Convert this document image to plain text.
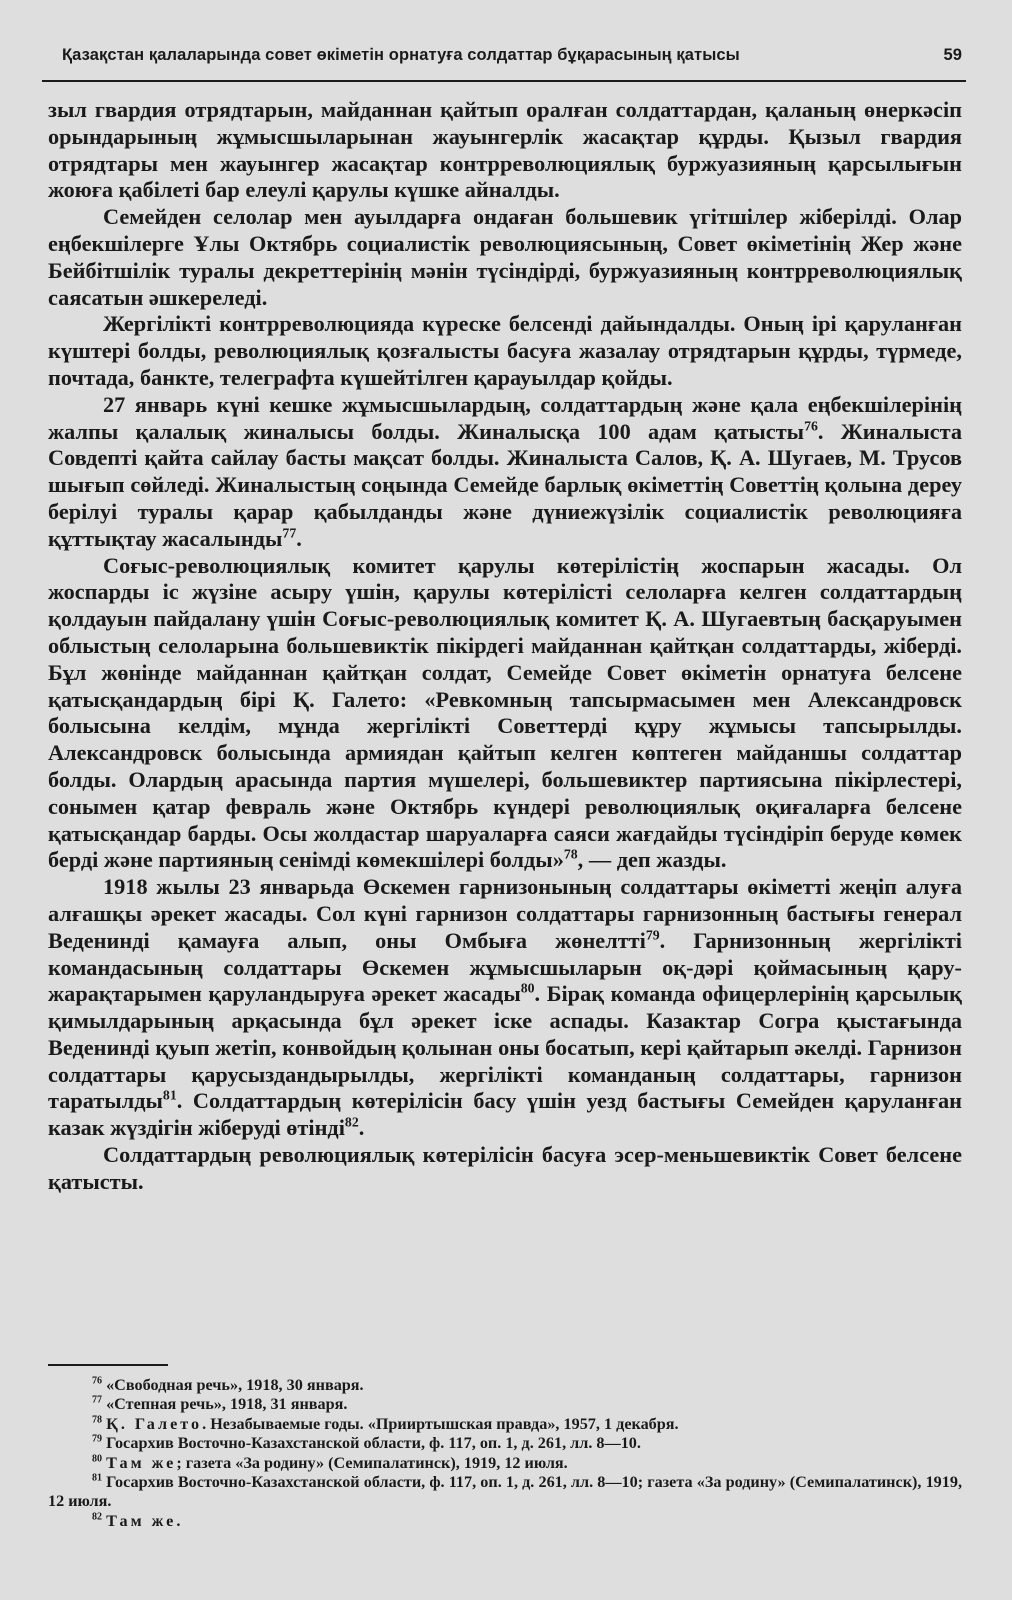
Қазақстан қалаларында совет өкіметін орнатуға солдаттар бұқарасының қатысы	59

зыл гвардия отрядтарын, майданнан қайтып оралған солдаттардан, қаланың өнеркәсіп орындарының жұмысшыларынан жауынгерлік жасақтар құрды. Қызыл гвардия отрядтары мен жауынгер жасақтар контрреволюциялық буржуазияның қарсылығын жоюға қабілеті бар елеулі қарулы күшке айналды.

Семейден селолар мен ауылдарға ондаған большевик үгітшілер жіберілді. Олар еңбекшілерге Ұлы Октябрь социалистік революциясының, Совет өкіметінің Жер және Бейбітшілік туралы декреттерінің мәнін түсіндірді, буржуазияның контрреволюциялық саясатын әшкереледі.

Жергілікті контрреволюцияда күреске белсенді дайындалды. Оның ірі қаруланған күштері болды, революциялық қозғалысты басуға жазалау отрядтарын құрды, түрмеде, почтада, банкте, телеграфта күшейтілген қарауылдар қойды.

27 январь күні кешке жұмысшылардың, солдаттардың және қала еңбекшілерінің жалпы қалалық жиналысы болды. Жиналысқа 100 адам қатысты$^{76}$. Жиналыста Совдепті қайта сайлау басты мақсат болды. Жиналыста Салов, Қ. А. Шугаев, М. Трусов шығып сөйледі. Жиналыстың соңында Семейде барлық өкіметтің Советтің қолына дереу берілуі туралы қарар қабылданды және дүниежүзілік социалистік революцияға құттықтау жасалынды$^{77}$.

Соғыс-революциялық комитет қарулы көтерілістің жоспарын жасады. Ол жоспарды іс жүзіне асыру үшін, қарулы көтерілісті селоларға келген солдаттардың қолдауын пайдалану үшін Соғыс-революциялық комитет Қ. А. Шугаевтың басқаруымен облыстың селоларына большевиктік пікірдегі майданнан қайтқан солдаттарды, жіберді. Бұл жөнінде майданнан қайтқан солдат, Семейде Совет өкіметін орнатуға белсене қатысқандардың бірі Қ. Галето: «Ревкомның тапсырмасымен мен Александровск болысына келдім, мұнда жергілікті Советтерді құру жұмысы тапсырылды. Александровск болысында армиядан қайтып келген көптеген майданшы солдаттар болды. Олардың арасында партия мүшелері, большевиктер партиясына пікірлестері, сонымен қатар февраль және Октябрь күндері революциялық оқиғаларға белсене қатысқандар барды. Осы жолдастар шаруаларға саяси жағдайды түсіндіріп беруде көмек берді және партияның сенімді көмекшілері болды»$^{78}$, — деп жазды.

1918 жылы 23 январьда Өскемен гарнизонының солдаттары өкіметті жеңіп алуға алғашқы әрекет жасады. Сол күні гарнизон солдаттары гарнизонның бастығы генерал Веденинді қамауға алып, оны Омбыға жөнелтті$^{79}$. Гарнизонның жергілікті командасының солдаттары Өскемен жұмысшыларын оқ-дәрі қоймасының қару-жарақтарымен қаруландыруға әрекет жасады$^{80}$. Бірақ команда офицерлерінің қарсылық қимылдарының арқасында бұл әрекет іске аспады. Казактар Согра қыстағында Веденинді қуып жетіп, конвойдың қолынан оны босатып, кері қайтарып әкелді. Гарнизон солдаттары қарусыздандырылды, жергілікті команданың солдаттары, гарнизон таратылды$^{81}$. Солдаттардың көтерілісін басу үшін уезд бастығы Семейден қаруланған казак жүздігін жіберуді өтінді$^{82}$.

Солдаттардың революциялық көтерілісін басуға эсер-меньшевиктік Совет белсене қатысты.

$^{76}$ «Свободная речь», 1918, 30 января.

$^{77}$ «Степная речь», 1918, 31 января.

$^{78}$ Қ. Галето. Незабываемые годы. «Прииртышская правда», 1957, 1 декабря.

$^{79}$ Госархив Восточно-Казахстанской области, ф. 117, оп. 1, д. 261, лл. 8—10.

$^{80}$ Там же; газета «За родину» (Семипалатинск), 1919, 12 июля.

$^{81}$ Госархив Восточно-Казахстанской области, ф. 117, оп. 1, д. 261, лл. 8—10; газета «За родину» (Семипалатинск), 1919, 12 июля.

$^{82}$ Там же.
